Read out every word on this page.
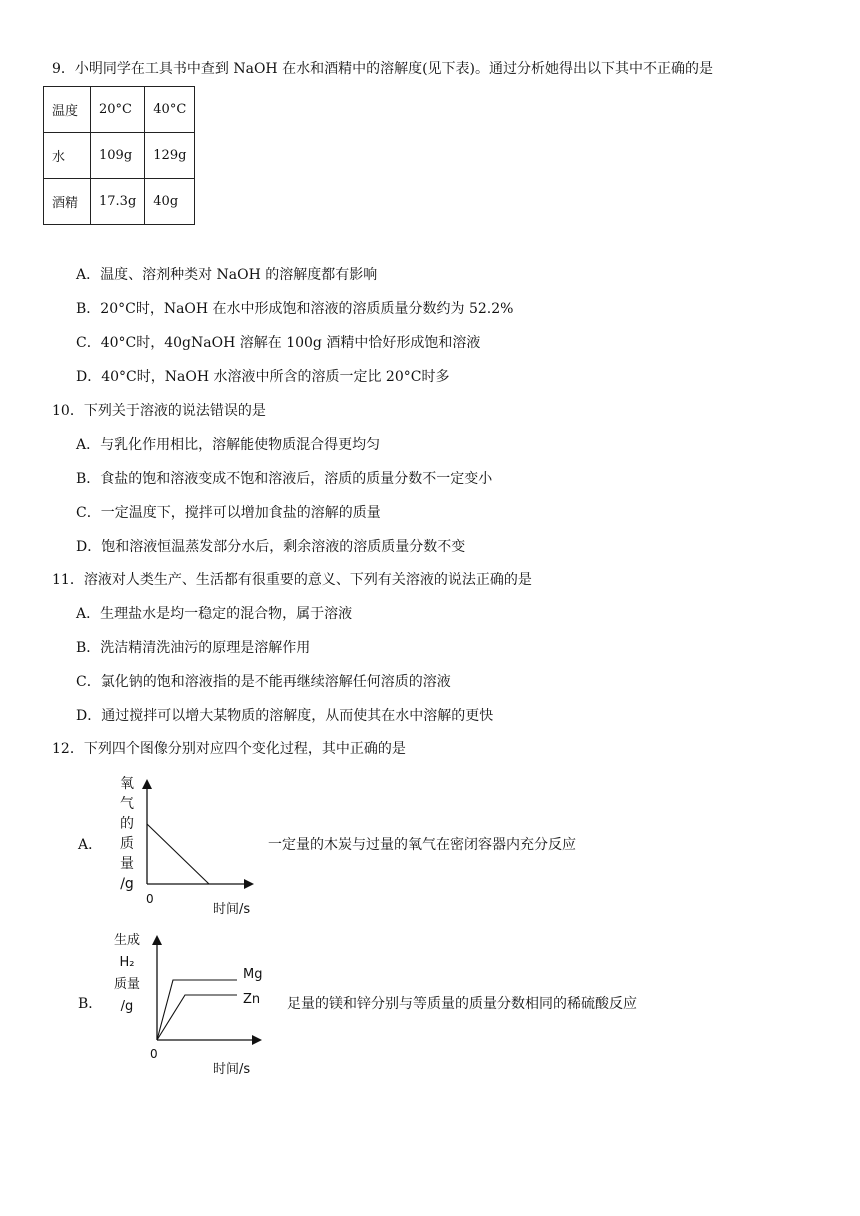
9．小明同学在工具书中查到 NaOH 在水和酒精中的溶解度(见下表)。通过分析她得出以下其中不正确的是
温度	20°C	40°C
水	109g	129g
酒精	17.3g	40g
A．温度、溶剂种类对 NaOH 的溶解度都有影响
B．20°C时，NaOH 在水中形成饱和溶液的溶质质量分数约为 52.2%
C．40°C时，40gNaOH 溶解在 100g 酒精中恰好形成饱和溶液
D．40°C时，NaOH 水溶液中所含的溶质一定比 20°C时多
10．下列关于溶液的说法错误的是
A．与乳化作用相比，溶解能使物质混合得更均匀
B．食盐的饱和溶液变成不饱和溶液后，溶质的质量分数不一定变小
C．一定温度下，搅拌可以增加食盐的溶解的质量
D．饱和溶液恒温蒸发部分水后，剩余溶液的溶质质量分数不变
11．溶液对人类生产、生活都有很重要的意义、下列有关溶液的说法正确的是
A．生理盐水是均一稳定的混合物，属于溶液
B．洗洁精清洗油污的原理是溶解作用
C．氯化钠的饱和溶液指的是不能再继续溶解任何溶质的溶液
D．通过搅拌可以增大某物质的溶解度，从而使其在水中溶解的更快
12．下列四个图像分别对应四个变化过程，其中正确的是
A．
氧气的质量/g
0
时间/s
一定量的木炭与过量的氧气在密闭容器内充分反应
B．
生成 H₂ 质量/g
Mg
Zn
0
时间/s
足量的镁和锌分别与等质量的质量分数相同的稀硫酸反应
